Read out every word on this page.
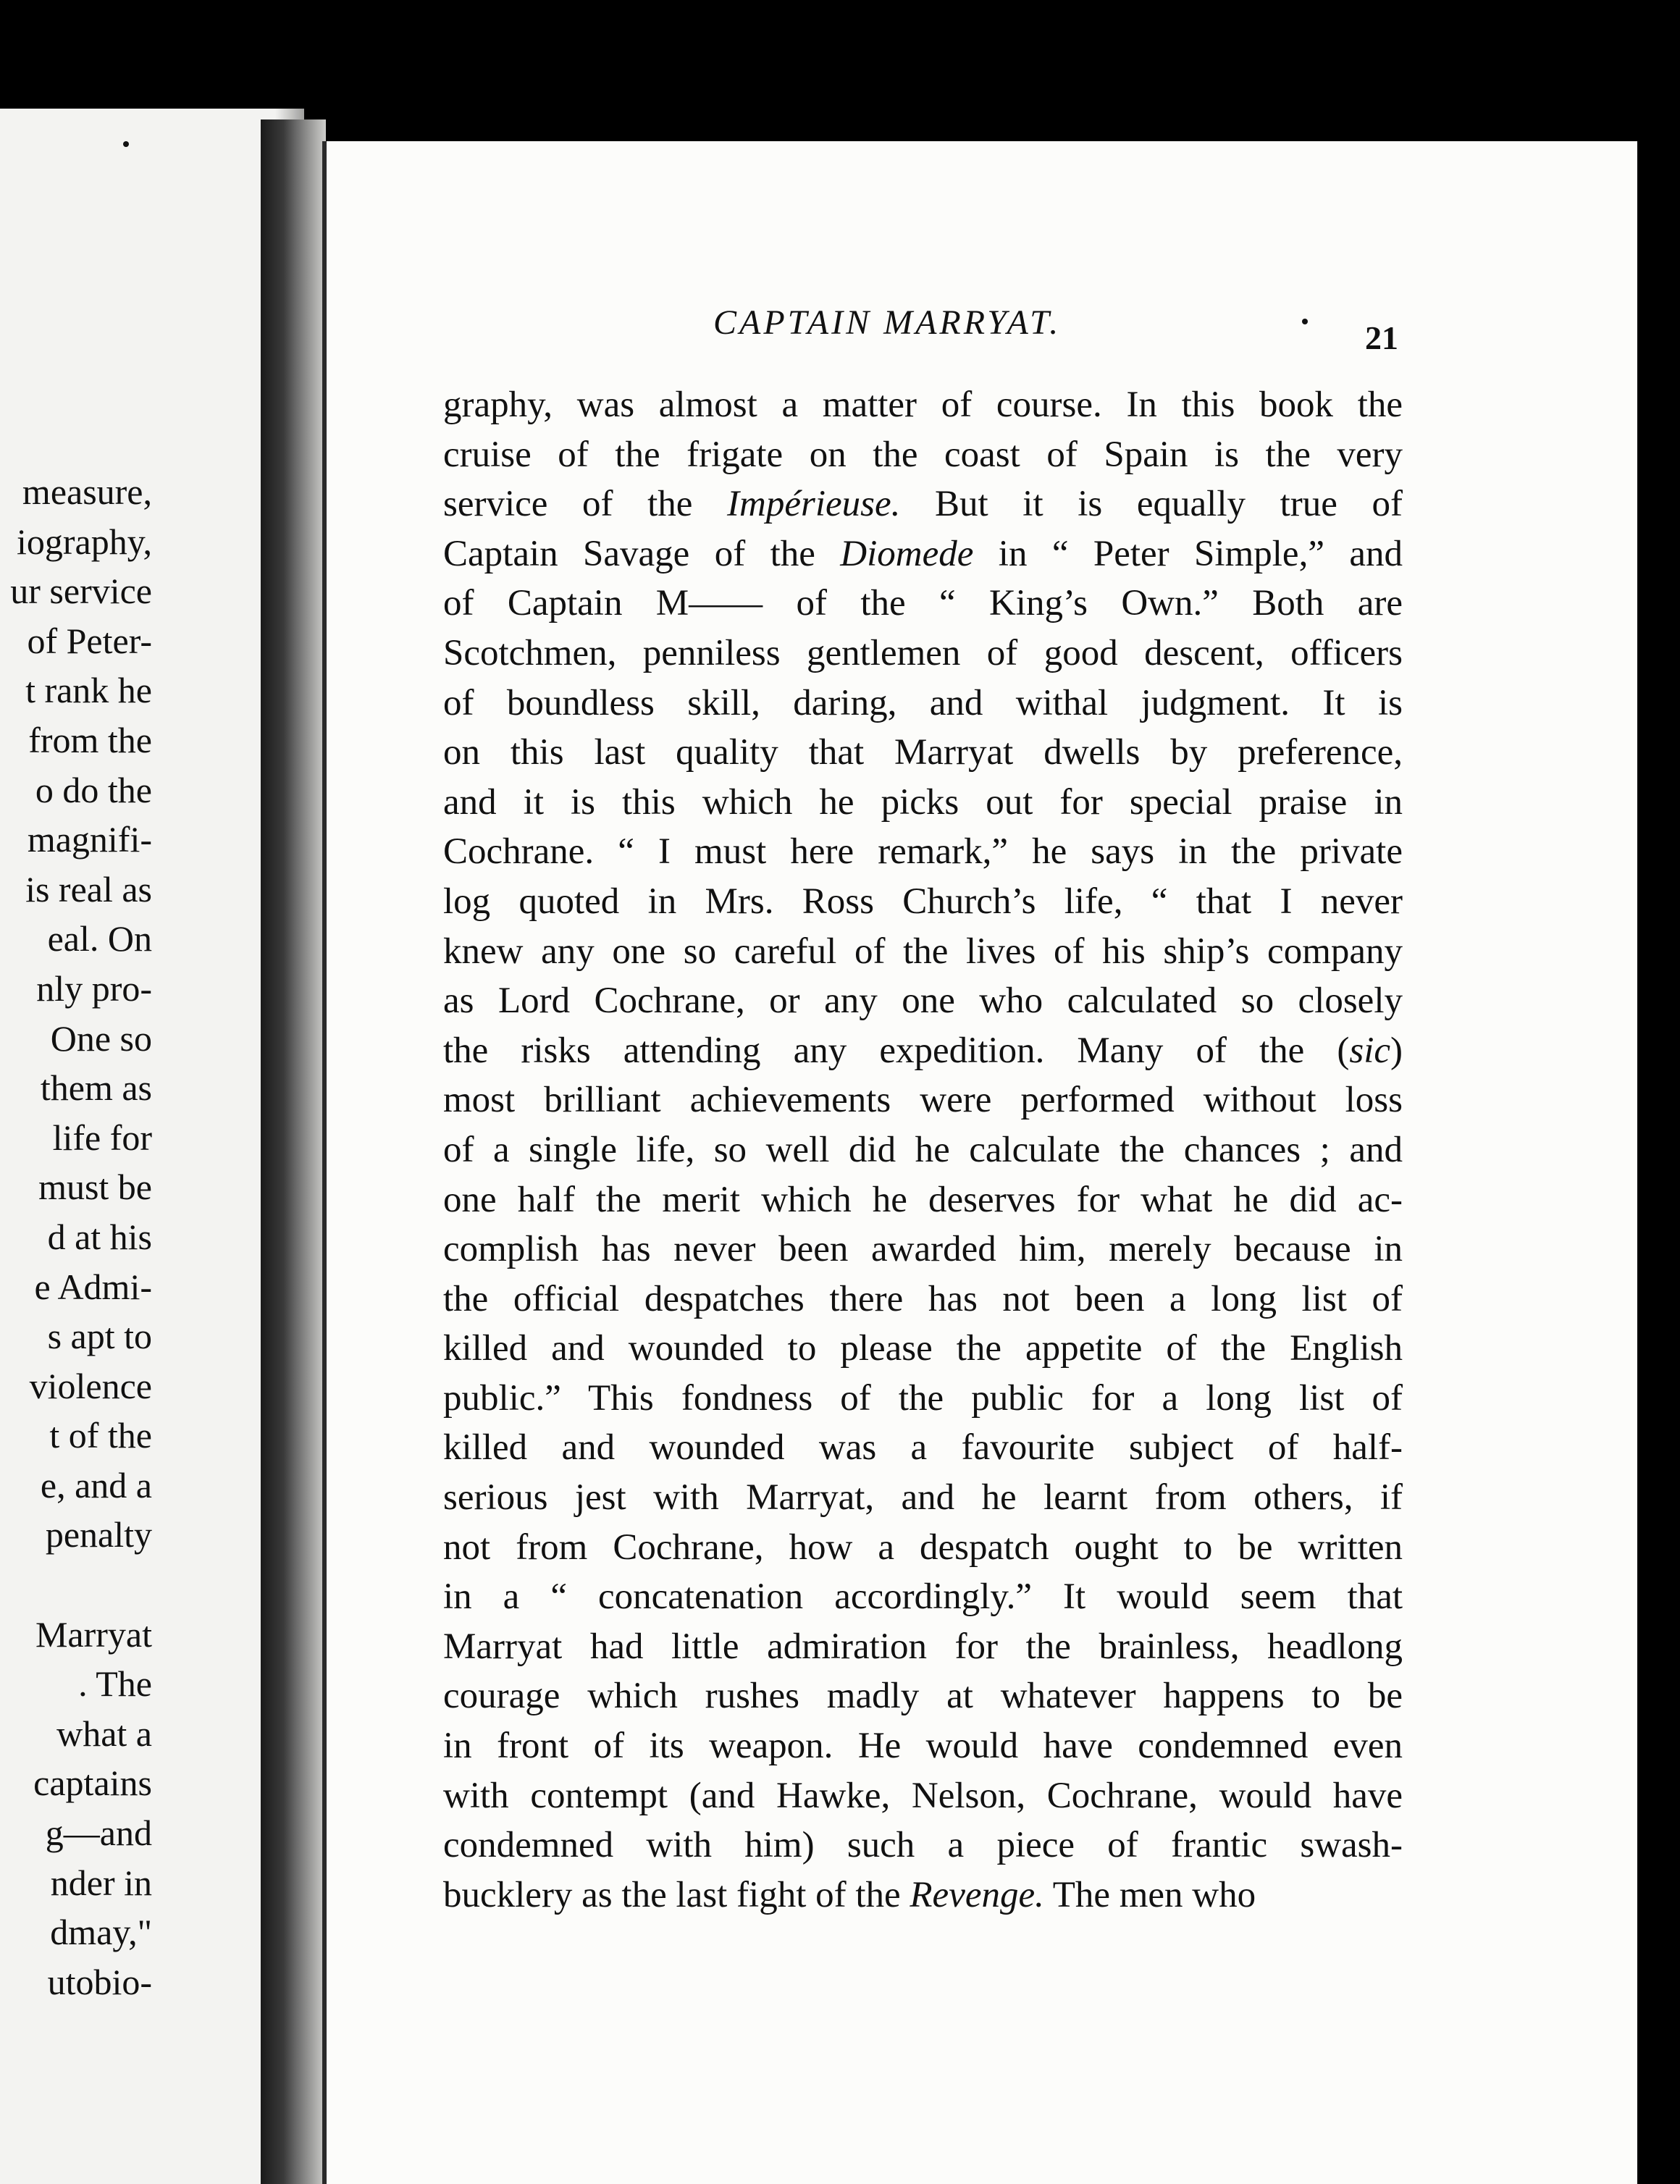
measure,
iography,
ur service
of Peter-
t rank he
from the
o do the
magnifi-
is real as
eal. On
nly pro-
One so
them as
life for
must be
d at his
e Admi-
s apt to
violence
t of the
e, and a
penalty

Marryat
. The
what a
captains
g—and
nder in
dmay,"
utobio-
CAPTAIN MARRYAT.	21
graphy, was almost a matter of course. In this book the
cruise of the frigate on the coast of Spain is the very
service of the Impérieuse. But it is equally true of
Captain Savage of the Diomede in “ Peter Simple,” and
of Captain M—— of the “ King’s Own.” Both are
Scotchmen, penniless gentlemen of good descent, officers
of boundless skill, daring, and withal judgment. It is
on this last quality that Marryat dwells by preference,
and it is this which he picks out for special praise in
Cochrane. “ I must here remark,” he says in the private
log quoted in Mrs. Ross Church’s life, “ that I never
knew any one so careful of the lives of his ship’s company
as Lord Cochrane, or any one who calculated so closely
the risks attending any expedition. Many of the (sic)
most brilliant achievements were performed without loss
of a single life, so well did he calculate the chances ; and
one half the merit which he deserves for what he did ac-
complish has never been awarded him, merely because in
the official despatches there has not been a long list of
killed and wounded to please the appetite of the English
public.” This fondness of the public for a long list of
killed and wounded was a favourite subject of half-
serious jest with Marryat, and he learnt from others, if
not from Cochrane, how a despatch ought to be written
in a “ concatenation accordingly.” It would seem that
Marryat had little admiration for the brainless, headlong
courage which rushes madly at whatever happens to be
in front of its weapon. He would have condemned even
with contempt (and Hawke, Nelson, Cochrane, would have
condemned with him) such a piece of frantic swash-
bucklery as the last fight of the Revenge. The men who
